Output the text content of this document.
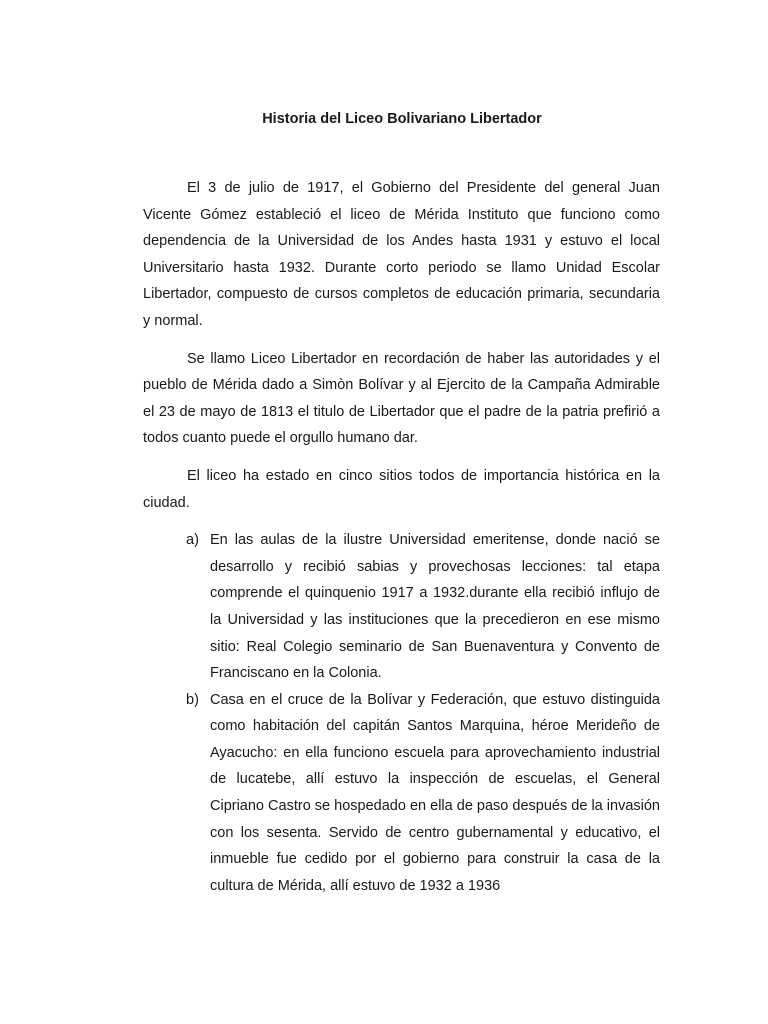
Historia del Liceo Bolivariano Libertador

El 3 de julio de 1917, el Gobierno del Presidente del general Juan Vicente Gómez estableció el liceo de Mérida Instituto que funciono como dependencia de la Universidad de los Andes hasta 1931 y estuvo el local Universitario hasta 1932. Durante corto periodo se llamo Unidad Escolar Libertador, compuesto de cursos completos de educación primaria, secundaria y normal.

Se llamo Liceo Libertador en recordación de haber las autoridades y el pueblo de Mérida dado a Simòn Bolívar y al Ejercito de la Campaña Admirable el 23 de mayo de 1813 el titulo de Libertador que el padre de la patria prefirió a todos cuanto puede el orgullo humano dar.

El liceo ha estado en cinco sitios todos de importancia histórica en la ciudad.

a) En las aulas de la ilustre Universidad emeritense, donde nació se desarrollo y recibió sabias y provechosas lecciones: tal etapa comprende el quinquenio 1917 a 1932.durante ella recibió influjo de la Universidad y las instituciones que la precedieron en ese mismo sitio: Real Colegio seminario de San Buenaventura y Convento de Franciscano en la Colonia.
b) Casa en el cruce de la Bolívar y Federación, que estuvo distinguida como habitación del capitán Santos Marquina, héroe Merideño de Ayacucho: en ella funciono escuela para aprovechamiento industrial de lucatebe, allí estuvo la inspección de escuelas, el General Cipriano Castro se hospedado en ella de paso después de la invasión con los sesenta. Servido de centro gubernamental y educativo, el inmueble fue cedido por el gobierno para construir la casa de la cultura de Mérida, allí estuvo de 1932 a 1936
